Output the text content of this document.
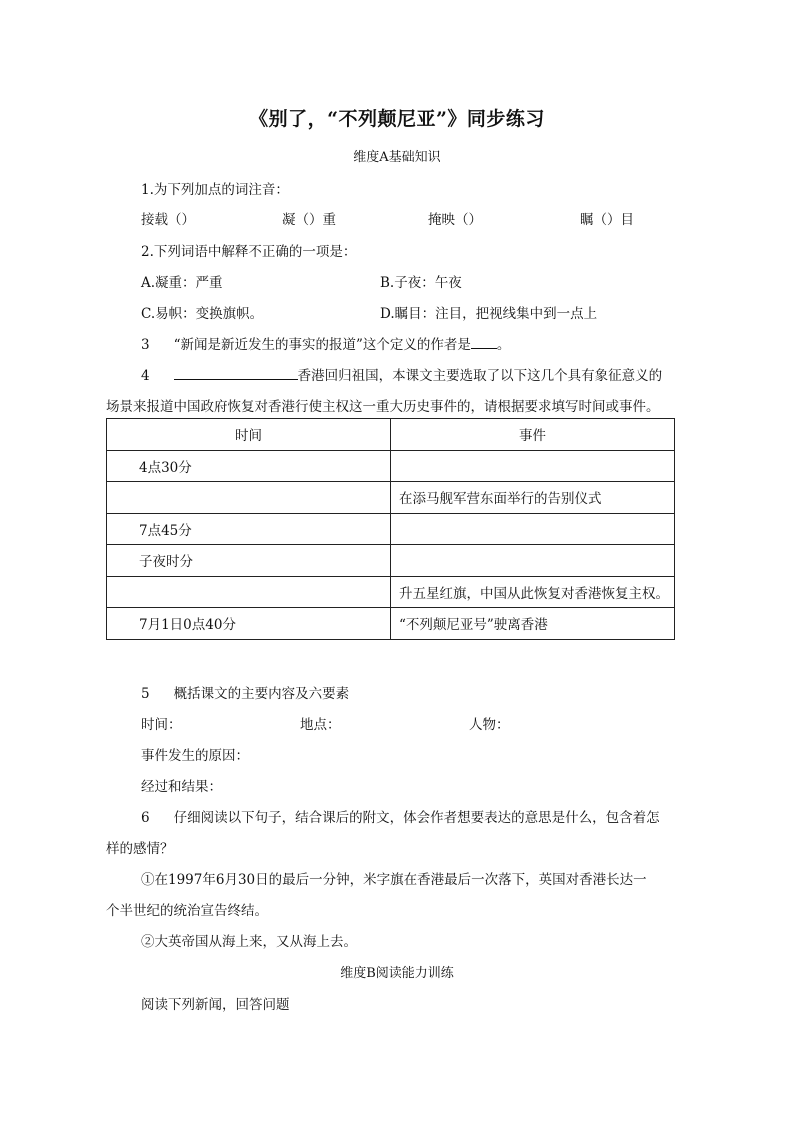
《别了，“不列颠尼亚”》同步练习
维度A基础知识
1.为下列加点的词注音：
接载（）	凝（）重	掩映（）	瞩（）目
2.下列词语中解释不正确的一项是：
A.凝重：严重	B.子夜：午夜
C.易帜：变换旗帜。	D.瞩目：注目，把视线集中到一点上
3 “新闻是新近发生的事实的报道”这个定义的作者是 。
4	香港回归祖国，本课文主要选取了以下这几个具有象征意义的
场景来报道中国政府恢复对香港行使主权这一重大历史事件的，请根据要求填写时间或事件。
时间	事件
4点30分	
	在添马舰军营东面举行的告别仪式
7点45分	
子夜时分	
	升五星红旗，中国从此恢复对香港恢复主权。
7月1日0点40分	“不列颠尼亚号”驶离香港
5 概括课文的主要内容及六要素
时间：	地点：	人物：
事件发生的原因：
经过和结果：
6 仔细阅读以下句子，结合课后的附文，体会作者想要表达的意思是什么，包含着怎
样的感情？
①在1997年6月30日的最后一分钟，米字旗在香港最后一次落下，英国对香港长达一
个半世纪的统治宣告终结。
②大英帝国从海上来，又从海上去。
维度B阅读能力训练
阅读下列新闻，回答问题
